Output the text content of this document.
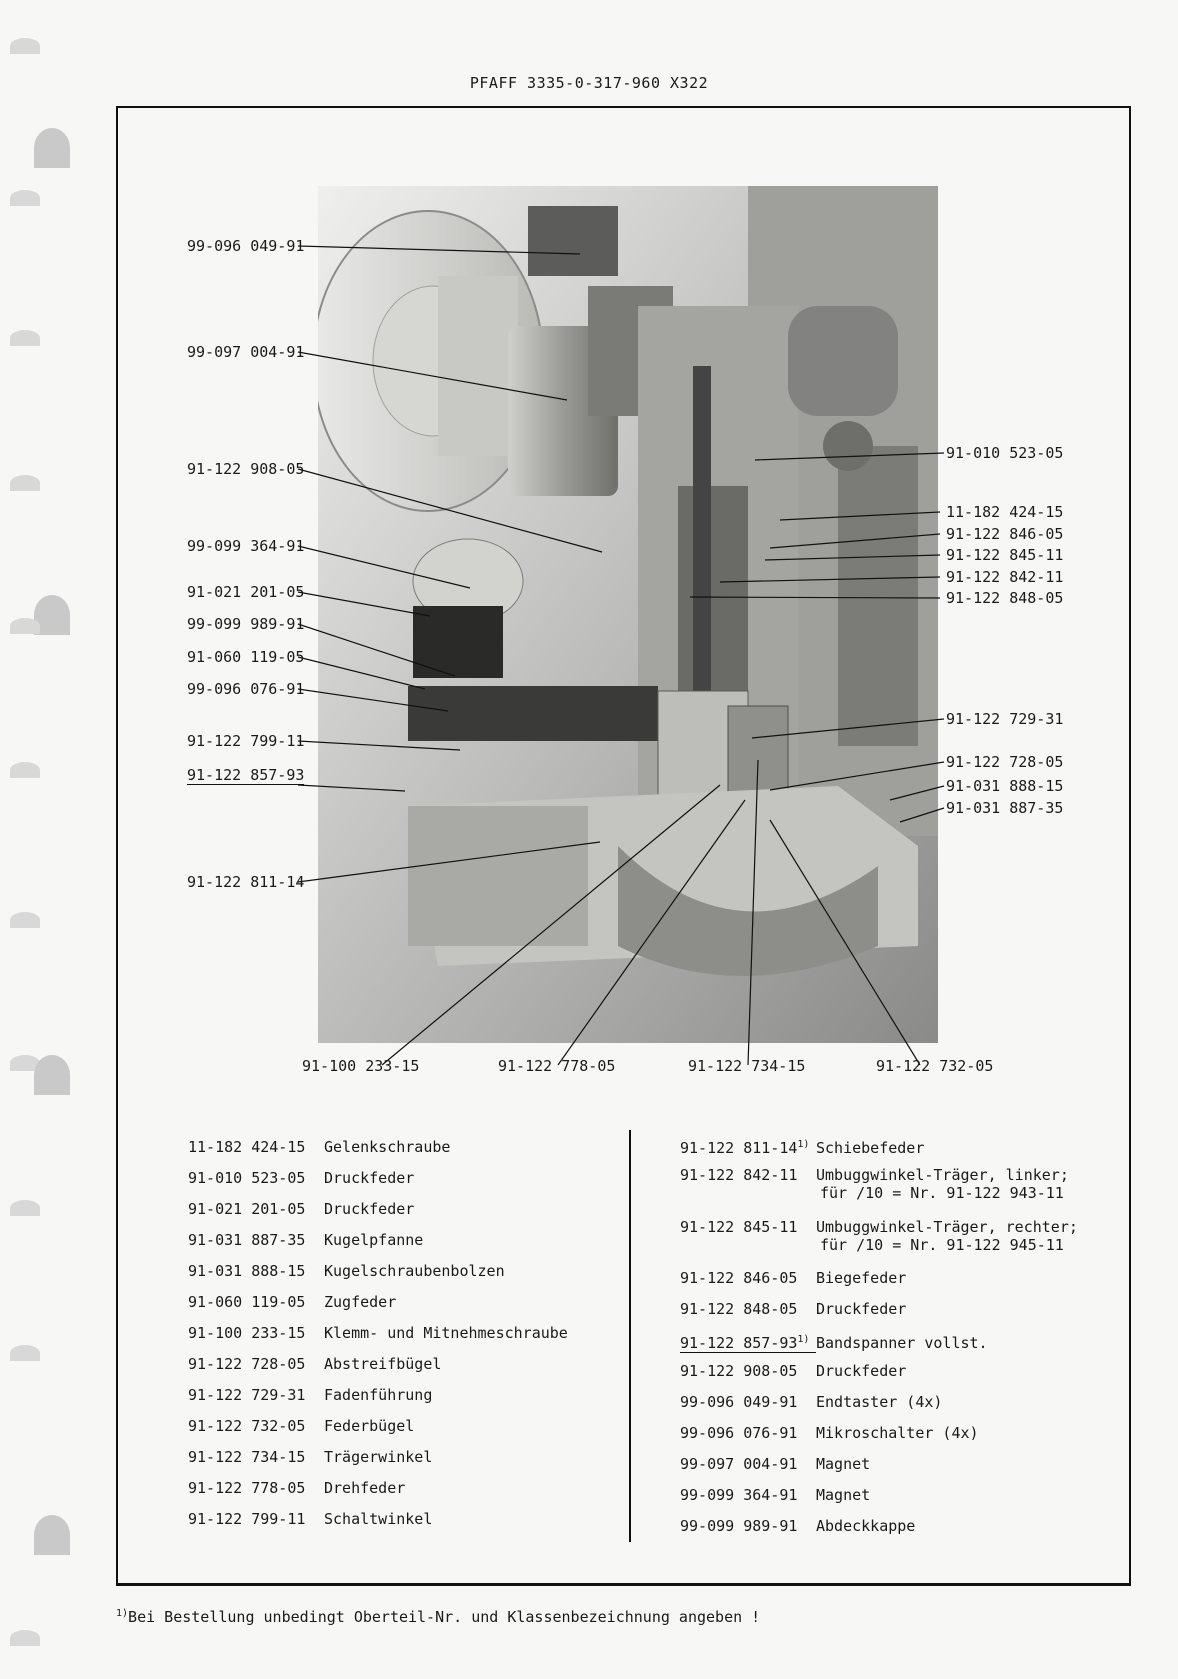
PFAFF 3335-0-317-960 X322
99-096 049-91
99-097 004-91
91-122 908-05
99-099 364-91
91-021 201-05
99-099 989-91
91-060 119-05
99-096 076-91
91-122 799-11
91-122 857-93
91-122 811-14
91-010 523-05
11-182 424-15
91-122 846-05
91-122 845-11
91-122 842-11
91-122 848-05
91-122 729-31
91-122 728-05
91-031 888-15
91-031 887-35
91-100 233-15	91-122 778-05	91-122 734-15	91-122 732-05
11-182 424-15 Gelenkschraube
91-010 523-05 Druckfeder
91-021 201-05 Druckfeder
91-031 887-35 Kugelpfanne
91-031 888-15 Kugelschraubenbolzen
91-060 119-05 Zugfeder
91-100 233-15 Klemm- und Mitnehmeschraube
91-122 728-05 Abstreifbügel
91-122 729-31 Fadenführung
91-122 732-05 Federbügel
91-122 734-15 Trägerwinkel
91-122 778-05 Drehfeder
91-122 799-11 Schaltwinkel
91-122 811-14$^{1)}$ Schiebefeder
91-122 842-11 Umbuggwinkel-Träger, linker;
für /10 = Nr. 91-122 943-11
91-122 845-11 Umbuggwinkel-Träger, rechter;
für /10 = Nr. 91-122 945-11
91-122 846-05 Biegefeder
91-122 848-05 Druckfeder
91-122 857-93$^{1)}$ Bandspanner vollst.
91-122 908-05 Druckfeder
99-096 049-91 Endtaster (4x)
99-096 076-91 Mikroschalter (4x)
99-097 004-91 Magnet
99-099 364-91 Magnet
99-099 989-91 Abdeckkappe
$^{1)}$Bei Bestellung unbedingt Oberteil-Nr. und Klassenbezeichnung angeben !
